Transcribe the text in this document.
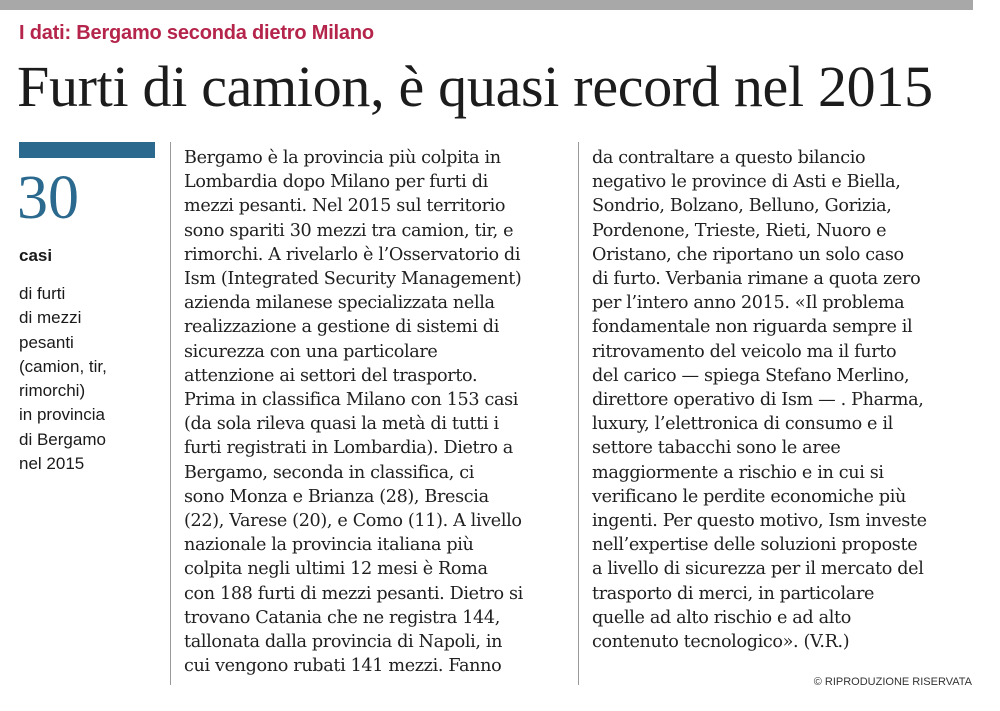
I dati: Bergamo seconda dietro Milano
Furti di camion, è quasi record nel 2015
30
casi
di furti
di mezzi
pesanti
(camion, tir,
rimorchi)
in provincia
di Bergamo
nel 2015
Bergamo è la provincia più colpita in
Lombardia dopo Milano per furti di
mezzi pesanti. Nel 2015 sul territorio
sono spariti 30 mezzi tra camion, tir, e
rimorchi. A rivelarlo è l’Osservatorio di
Ism (Integrated Security Management)
azienda milanese specializzata nella
realizzazione a gestione di sistemi di
sicurezza con una particolare
attenzione ai settori del trasporto.
Prima in classifica Milano con 153 casi
(da sola rileva quasi la metà di tutti i
furti registrati in Lombardia). Dietro a
Bergamo, seconda in classifica, ci
sono Monza e Brianza (28), Brescia
(22), Varese (20), e Como (11). A livello
nazionale la provincia italiana più
colpita negli ultimi 12 mesi è Roma
con 188 furti di mezzi pesanti. Dietro si
trovano Catania che ne registra 144,
tallonata dalla provincia di Napoli, in
cui vengono rubati 141 mezzi. Fanno
da contraltare a questo bilancio
negativo le province di Asti e Biella,
Sondrio, Bolzano, Belluno, Gorizia,
Pordenone, Trieste, Rieti, Nuoro e
Oristano, che riportano un solo caso
di furto. Verbania rimane a quota zero
per l’intero anno 2015. «Il problema
fondamentale non riguarda sempre il
ritrovamento del veicolo ma il furto
del carico — spiega Stefano Merlino,
direttore operativo di Ism — . Pharma,
luxury, l’elettronica di consumo e il
settore tabacchi sono le aree
maggiormente a rischio e in cui si
verificano le perdite economiche più
ingenti. Per questo motivo, Ism investe
nell’expertise delle soluzioni proposte
a livello di sicurezza per il mercato del
trasporto di merci, in particolare
quelle ad alto rischio e ad alto
contenuto tecnologico». (V.R.)
© RIPRODUZIONE RISERVATA
